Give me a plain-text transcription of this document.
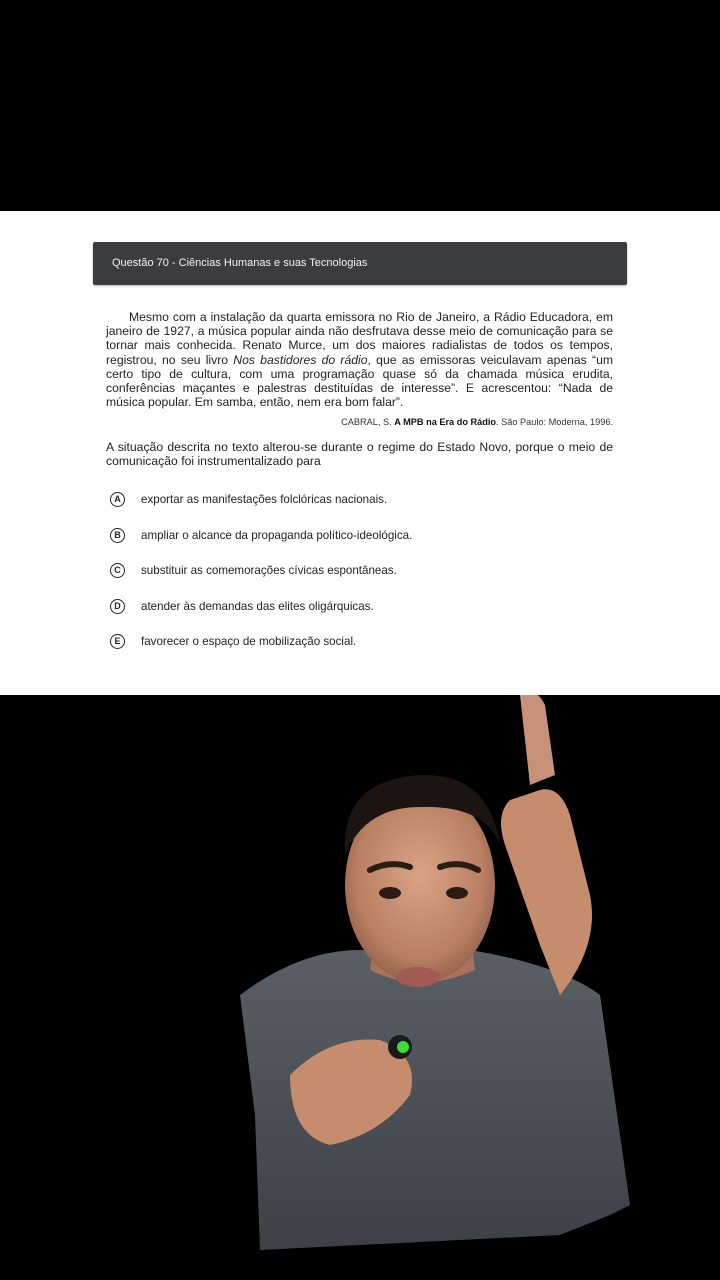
Questão 70 - Ciências Humanas e suas Tecnologias

Mesmo com a instalação da quarta emissora no Rio de Janeiro, a Rádio Educadora, em janeiro de 1927, a música popular ainda não desfrutava desse meio de comunicação para se tornar mais conhecida. Renato Murce, um dos maiores radialistas de todos os tempos, registrou, no seu livro Nos bastidores do rádio, que as emissoras veiculavam apenas “um certo tipo de cultura, com uma programação quase só da chamada música erudita, conferências maçantes e palestras destituídas de interesse”. E acrescentou: “Nada de música popular. Em samba, então, nem era bom falar”.

CABRAL, S. A MPB na Era do Rádio. São Paulo: Moderna, 1996.

A situação descrita no texto alterou-se durante o regime do Estado Novo, porque o meio de comunicação foi instrumentalizado para

A	exportar as manifestações folclóricas nacionais.
B	ampliar o alcance da propaganda político-ideológica.
C	substituir as comemorações cívicas espontâneas.
D	atender às demandas das elites oligárquicas.
E	favorecer o espaço de mobilização social.
